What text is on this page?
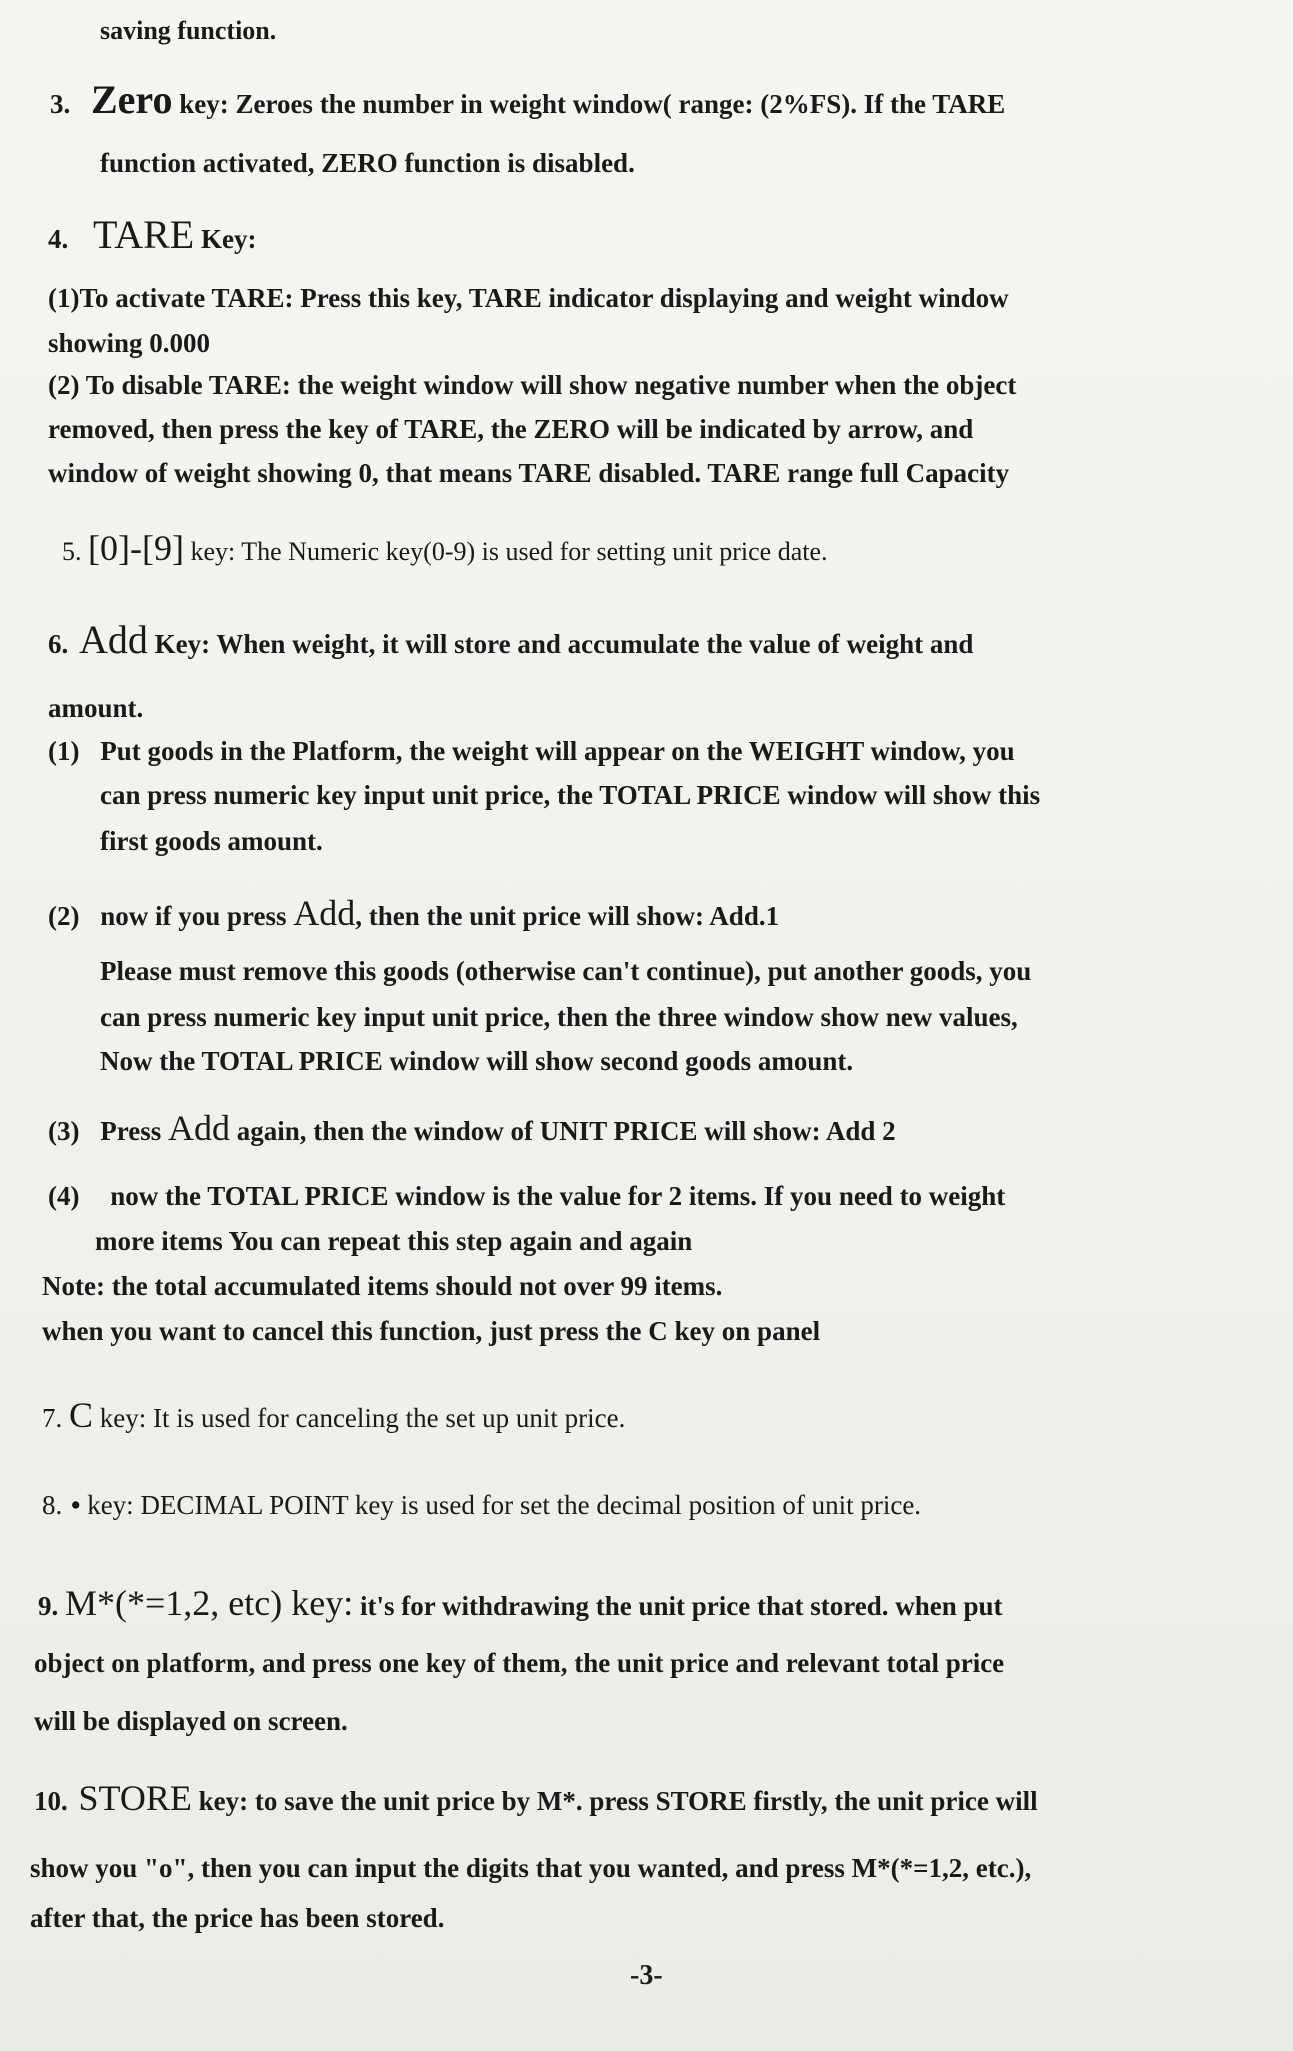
saving function.
3. Zero key: Zeroes the number in weight window( range: (2%FS). If the TARE
function activated, ZERO function is disabled.
4. TARE Key:
(1)To activate TARE: Press this key, TARE indicator displaying and weight window
showing 0.000
(2) To disable TARE: the weight window will show negative number when the object
removed, then press the key of TARE, the ZERO will be indicated by arrow, and
window of weight showing 0, that means TARE disabled. TARE range full Capacity
5. [0]-[9] key: The Numeric key(0-9) is used for setting unit price date.
6. Add Key: When weight, it will store and accumulate the value of weight and
amount.
(1) Put goods in the Platform, the weight will appear on the WEIGHT window, you
can press numeric key input unit price, the TOTAL PRICE window will show this
first goods amount.
(2) now if you press Add, then the unit price will show: Add.1
Please must remove this goods (otherwise can't continue), put another goods, you
can press numeric key input unit price, then the three window show new values,
Now the TOTAL PRICE window will show second goods amount.
(3) Press Add again, then the window of UNIT PRICE will show: Add 2
(4) now the TOTAL PRICE window is the value for 2 items. If you need to weight
more items You can repeat this step again and again
Note: the total accumulated items should not over 99 items.
when you want to cancel this function, just press the C key on panel
7. C key: It is used for canceling the set up unit price.
8. • key: DECIMAL POINT key is used for set the decimal position of unit price.
9. M*(*=1,2, etc) key: it's for withdrawing the unit price that stored. when put
object on platform, and press one key of them, the unit price and relevant total price
will be displayed on screen.
10. STORE key: to save the unit price by M*. press STORE firstly, the unit price will
show you "o", then you can input the digits that you wanted, and press M*(*=1,2, etc.),
after that, the price has been stored.
-3-
